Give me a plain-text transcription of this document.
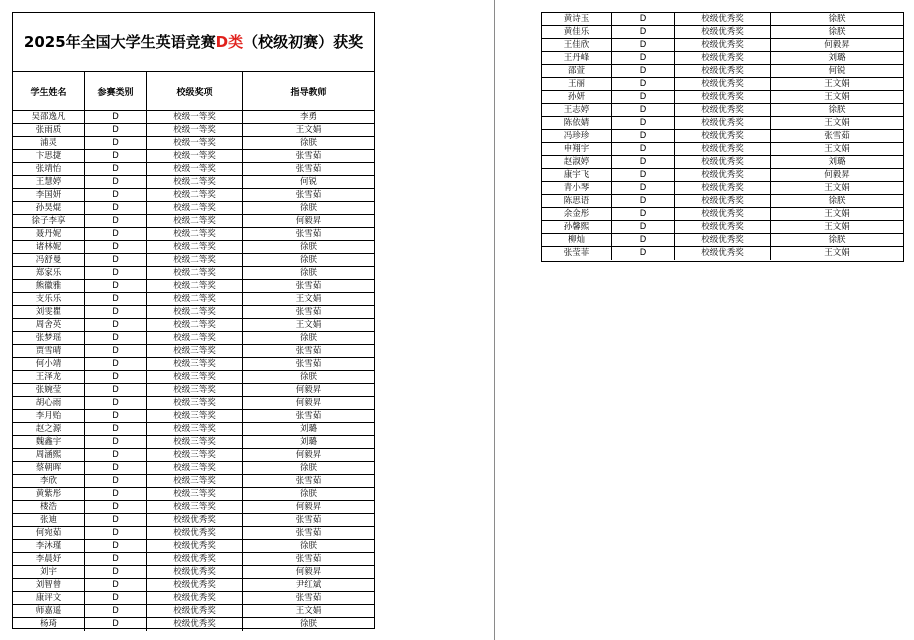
2025年全国大学生英语竞赛D类（校级初赛）获奖
学生姓名	参赛类别	校级奖项	指导教师
吴邵逸凡	D	校级一等奖	李勇
张雨质	D	校级一等奖	王文娟
浦灵	D	校级一等奖	徐朕
卞思捷	D	校级一等奖	张雪茹
张靖怡	D	校级一等奖	张雪茹
王慧婷	D	校级二等奖	何锐
李国妍	D	校级二等奖	张雪茹
孙昊焜	D	校级二等奖	徐朕
徐子李享	D	校级二等奖	何毅昇
聂丹妮	D	校级二等奖	张雪茹
诸林妮	D	校级二等奖	徐朕
冯舒曼	D	校级二等奖	徐朕
郑家乐	D	校级二等奖	徐朕
熊徽雅	D	校级二等奖	张雪茹
支乐乐	D	校级二等奖	王文娟
刘雯瞿	D	校级二等奖	张雪茹
周舍英	D	校级二等奖	王文娟
张梦瑶	D	校级二等奖	徐朕
贾雪晴	D	校级三等奖	张雪茹
何小靖	D	校级三等奖	张雪茹
王泽龙	D	校级三等奖	徐朕
张婉莹	D	校级三等奖	何毅昇
胡心雨	D	校级三等奖	何毅昇
李月贻	D	校级三等奖	张雪茹
赵之源	D	校级三等奖	刘璐
魏鑫宇	D	校级三等奖	刘璐
周涵熙	D	校级三等奖	何毅昇
蔡朝晖	D	校级三等奖	徐朕
李欣	D	校级三等奖	张雪茹
黄紫彤	D	校级三等奖	徐朕
楼浩	D	校级三等奖	何毅昇
张迪	D	校级优秀奖	张雪茹
何宛茹	D	校级优秀奖	张雪茹
李沐瑾	D	校级优秀奖	徐朕
李晨妤	D	校级优秀奖	张雪茹
刘宇	D	校级优秀奖	何毅昇
刘智曾	D	校级优秀奖	尹红斌
康评文	D	校级优秀奖	张雪茹
师嘉遥	D	校级优秀奖	王文娟
杨琦	D	校级优秀奖	徐朕
黄诗玉	D	校级优秀奖	徐朕
黄佳乐	D	校级优秀奖	徐朕
王佳欣	D	校级优秀奖	何毅昇
王丹峰	D	校级优秀奖	刘璐
邵萱	D	校级优秀奖	何锐
王丽	D	校级优秀奖	王文娟
孙妍	D	校级优秀奖	王文娟
王志婷	D	校级优秀奖	徐朕
陈依婧	D	校级优秀奖	王文娟
冯珍珍	D	校级优秀奖	张雪茹
申翔宇	D	校级优秀奖	王文娟
赵淑婷	D	校级优秀奖	刘璐
康宇飞	D	校级优秀奖	何毅昇
青小琴	D	校级优秀奖	王文娟
陈思语	D	校级优秀奖	徐朕
余金彤	D	校级优秀奖	王文娟
孙馨熙	D	校级优秀奖	王文娟
柳灿	D	校级优秀奖	徐朕
张莹菲	D	校级优秀奖	王文娟
